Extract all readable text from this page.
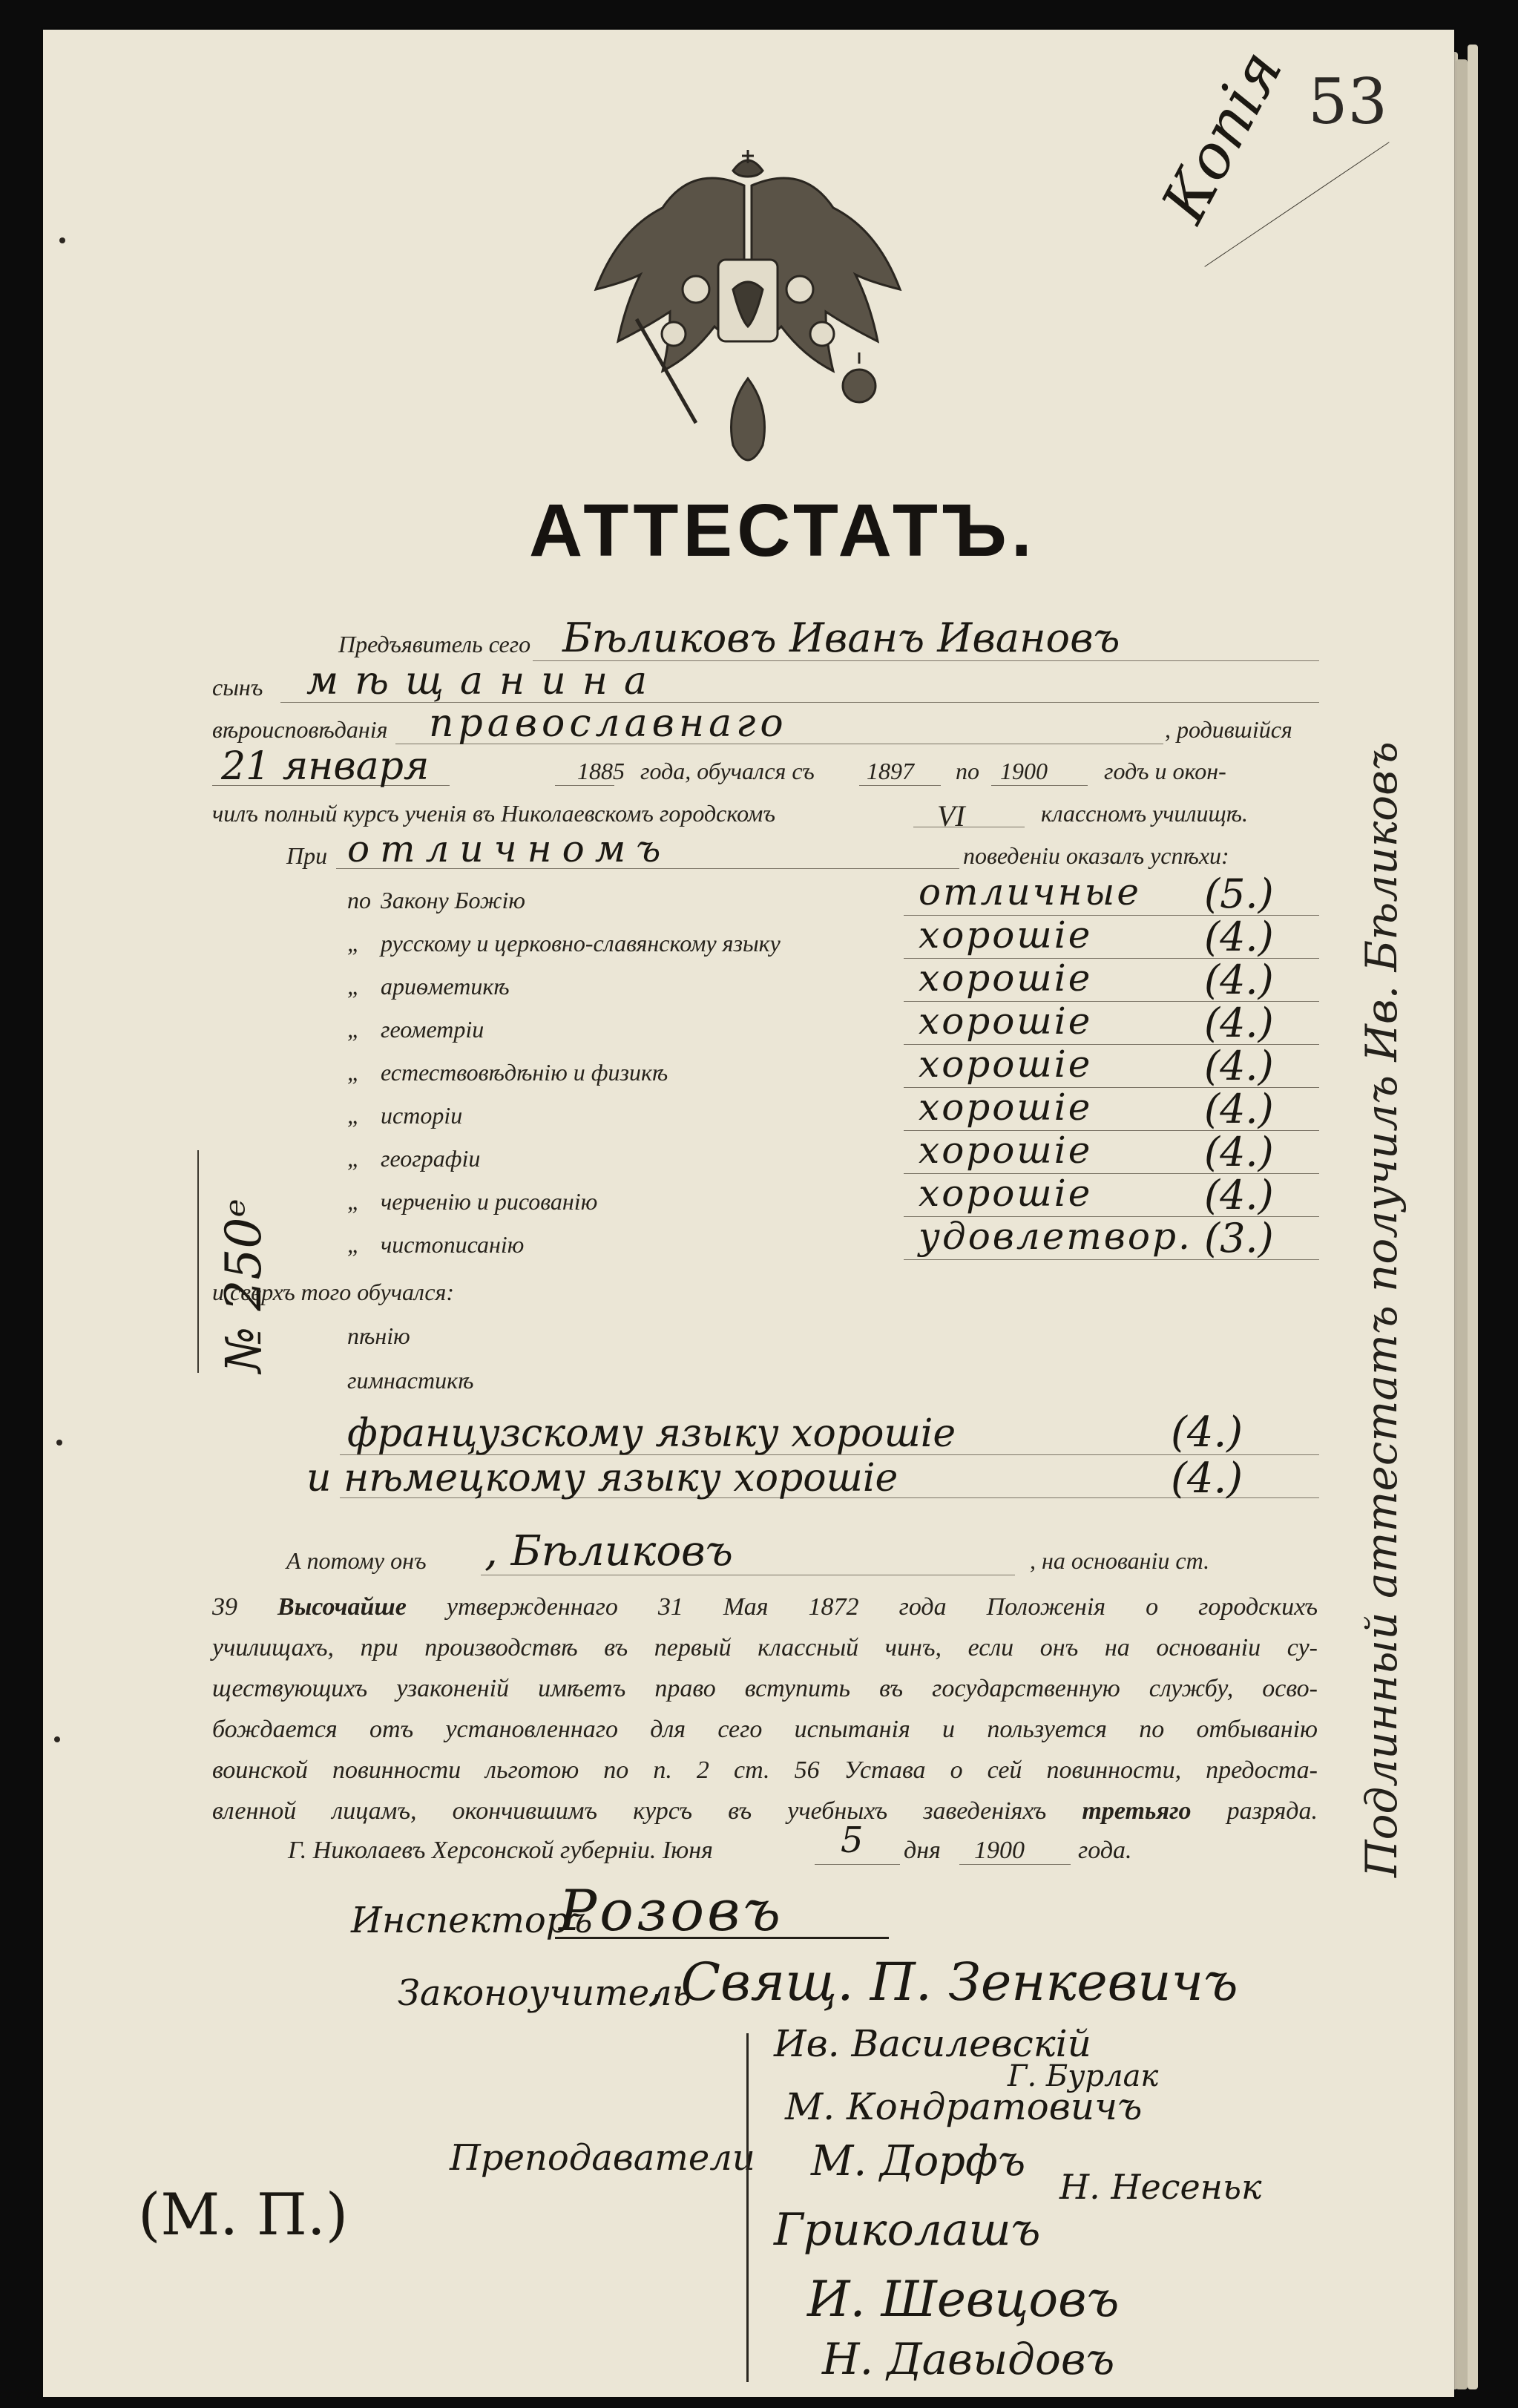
53
Копія
АТТЕСТАТЪ.
№ 250ᵉ	Подлинный аттестатъ получилъ Ив. Бѣликовъ
Предъявитель сего Бѣликовъ Иванъ Ивановъ
сынъ мѣщанина
вѣроисповѣданія православнаго	, родившійся
21 января	1885 года, обучался съ 1897 по 1900 годъ и окон-
чилъ полный курсъ ученія въ Николаевскомъ городскомъ	VI	классномъ училищѣ.
При отличномъ	поведеніи оказалъ успѣхи:
по Закону Божію	отличные (5.)
„ русскому и церковно-славянскому языку	хорошіе	(4.)
„ ариѳметикѣ	хорошіе	(4.)
„ геометріи	хорошіе	(4.)
„ естествовѣдѣнію и физикѣ	хорошіе	(4.)
„ исторіи	хорошіе	(4.)
„ географіи	хорошіе	(4.)
„ черченію и рисованію	хорошіе	(4.)
„ чистописанію	удовлетвор. (3.)
и сверхъ того обучался:
пѣнію
гимнастикѣ
французскому языку хорошіе	(4.)
и нѣмецкому языку хорошіе	(4.)
А потому онъ , Бѣликовъ	, на основаніи ст.
39 Высочайше утвержденнаго 31 Мая 1872 года Положенія о городскихъ
училищахъ, при производствѣ въ первый классный чинъ, если онъ на основаніи су-
ществующихъ узаконеній имѣетъ право вступить въ государственную службу, осво-
бождается отъ установленнаго для сего испытанія и пользуется по отбыванію
воинской повинности льготою по п. 2 ст. 56 Устава о сей повинности, предоста-
вленной лицамъ, окончившимъ курсъ въ учебныхъ заведеніяхъ третьяго разряда.
Г. Николаевъ Херсонской губерніи. Іюня	5 дня 1900 года.
Инспекторъ
Розовъ
Законоучитель
, Свящ. П. Зенкевичъ
Преподаватели
Ив. Василевскій
Г. Бурлак
М. Кондратовичъ
М. Дорфъ
Н. Несеньк
Гриколашъ
И. Шевцовъ
Н. Давыдовъ
(М. П.)
